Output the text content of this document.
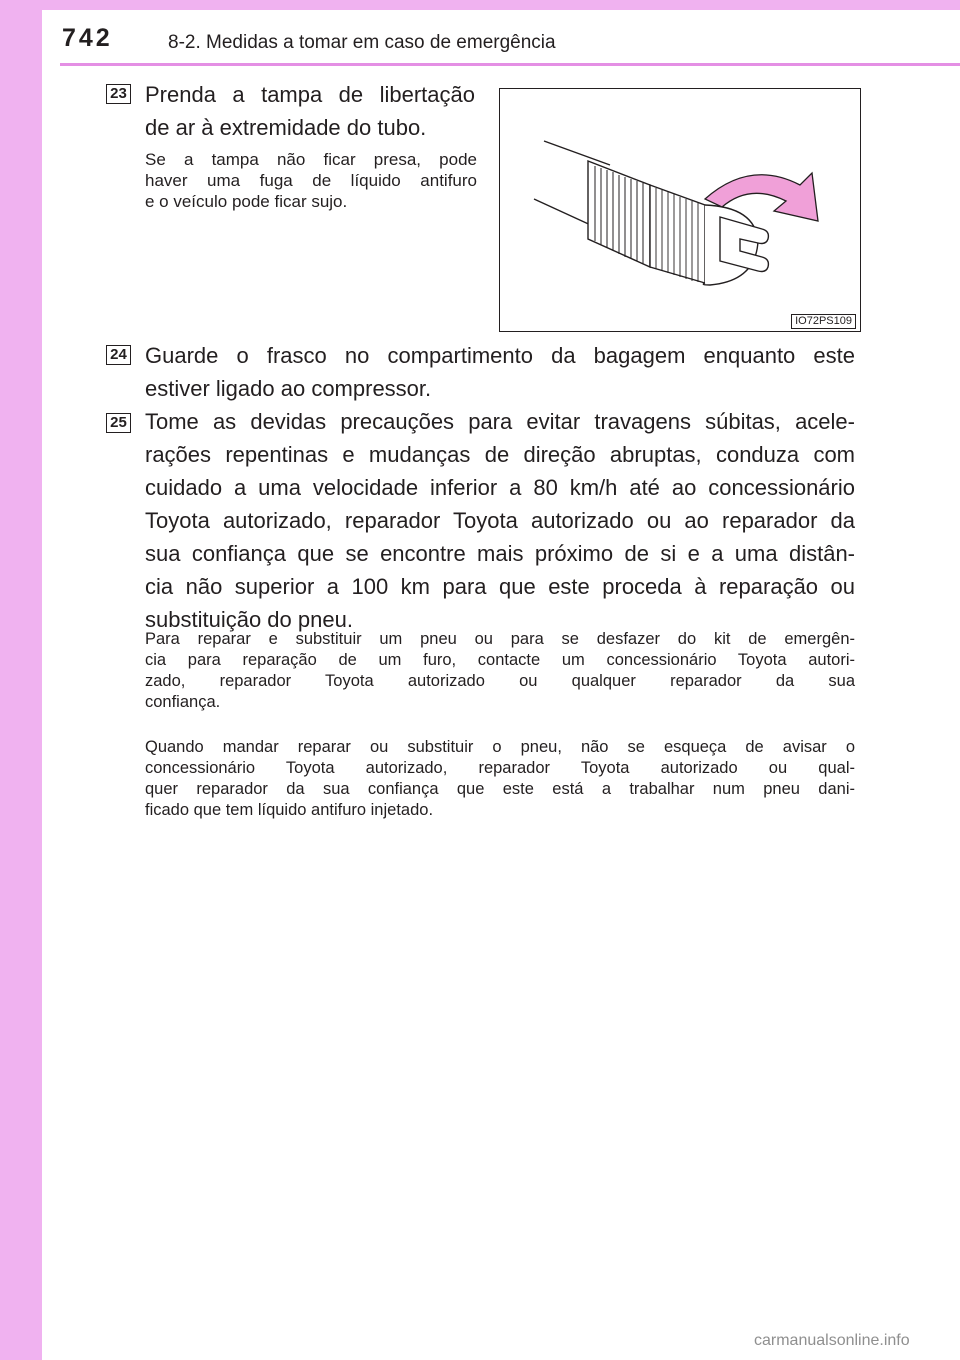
742	8-2. Medidas a tomar em caso de emergência
23 Prenda a tampa de libertação
de ar à extremidade do tubo.
Se a tampa não ficar presa, pode
haver uma fuga de líquido antifuro
e o veículo pode ficar sujo.
IO72PS109
24 Guarde o frasco no compartimento da bagagem enquanto este
estiver ligado ao compressor.
25 Tome as devidas precauções para evitar travagens súbitas, acele-
rações repentinas e mudanças de direção abruptas, conduza com
cuidado a uma velocidade inferior a 80 km/h até ao concessionário
Toyota autorizado, reparador Toyota autorizado ou ao reparador da
sua confiança que se encontre mais próximo de si e a uma distân-
cia não superior a 100 km para que este proceda à reparação ou
substituição do pneu.
Para reparar e substituir um pneu ou para se desfazer do kit de emergên-
cia para reparação de um furo, contacte um concessionário Toyota autori-
zado, reparador Toyota autorizado ou qualquer reparador da sua
confiança.
Quando mandar reparar ou substituir o pneu, não se esqueça de avisar o
concessionário Toyota autorizado, reparador Toyota autorizado ou qual-
quer reparador da sua confiança que este está a trabalhar num pneu dani-
ficado que tem líquido antifuro injetado.
carmanualsonline.info
